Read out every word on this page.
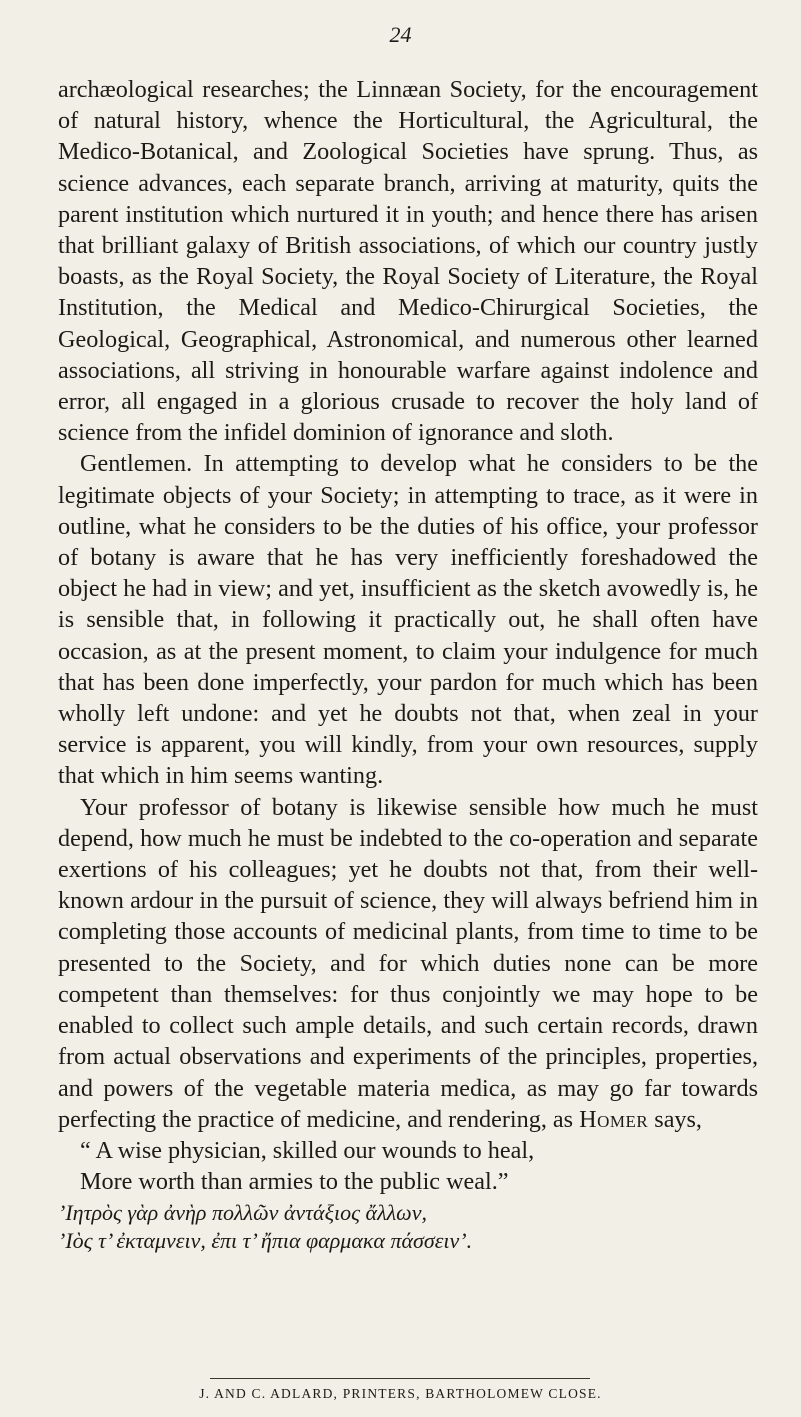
24

archæological researches; the Linnæan Society, for the encouragement of natural history, whence the Horticultural, the Agricultural, the Medico-Botanical, and Zoological Societies have sprung. Thus, as science advances, each separate branch, arriving at maturity, quits the parent institution which nurtured it in youth; and hence there has arisen that brilliant galaxy of British associations, of which our country justly boasts, as the Royal Society, the Royal Society of Literature, the Royal Institution, the Medical and Medico-Chirurgical Societies, the Geological, Geographical, Astronomical, and numerous other learned associations, all striving in honourable warfare against indolence and error, all engaged in a glorious crusade to recover the holy land of science from the infidel dominion of ignorance and sloth.

Gentlemen. In attempting to develop what he considers to be the legitimate objects of your Society; in attempting to trace, as it were in outline, what he considers to be the duties of his office, your professor of botany is aware that he has very inefficiently foreshadowed the object he had in view; and yet, insufficient as the sketch avowedly is, he is sensible that, in following it practically out, he shall often have occasion, as at the present moment, to claim your indulgence for much that has been done imperfectly, your pardon for much which has been wholly left undone: and yet he doubts not that, when zeal in your service is apparent, you will kindly, from your own resources, supply that which in him seems wanting.

Your professor of botany is likewise sensible how much he must depend, how much he must be indebted to the co-operation and separate exertions of his colleagues; yet he doubts not that, from their well-known ardour in the pursuit of science, they will always befriend him in completing those accounts of medicinal plants, from time to time to be presented to the Society, and for which duties none can be more competent than themselves: for thus conjointly we may hope to be enabled to collect such ample details, and such certain records, drawn from actual observations and experiments of the principles, properties, and powers of the vegetable materia medica, as may go far towards perfecting the practice of medicine, and rendering, as Homer says,

“ A wise physician, skilled our wounds to heal,
More worth than armies to the public weal.”
’Ιητρὸς γὰρ ἀνὴρ πολλῶν ἀντάξιος ἄλλων,
’Ιὸς τ’ ἐκταμνειν, ἐπι τ’ ἤπια φαρμακα πάσσειν’.
J. AND C. ADLARD, PRINTERS, BARTHOLOMEW CLOSE.
